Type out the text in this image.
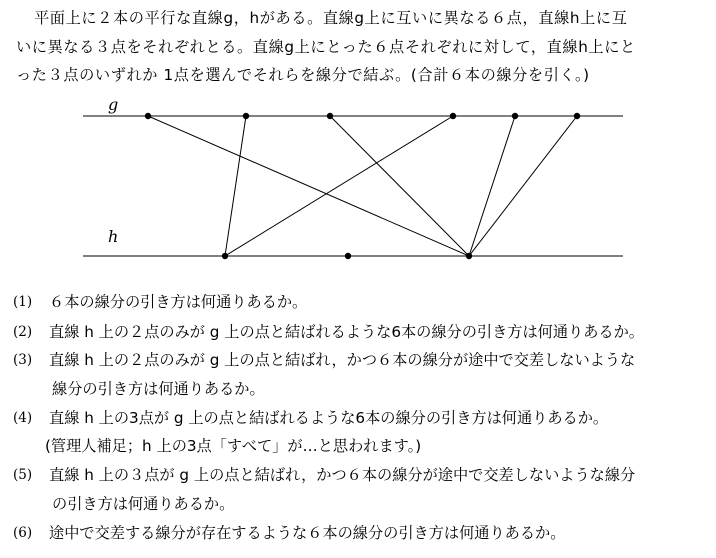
平面上に２本の平行な直線g，hがある。直線g上に互いに異なる６点，直線h上に互
いに異なる３点をそれぞれとる。直線g上にとった６点それぞれに対して，直線h上にと
った３点のいずれか 1点を選んでそれらを線分で結ぶ。(合計６本の線分を引く。)
g
h
(1) ６本の線分の引き方は何通りあるか。
(2) 直線 h 上の２点のみが g 上の点と結ばれるような6本の線分の引き方は何通りあるか。
(3) 直線 h 上の２点のみが g 上の点と結ばれ，かつ６本の線分が途中で交差しないような
線分の引き方は何通りあるか。
(4) 直線 h 上の3点が g 上の点と結ばれるような6本の線分の引き方は何通りあるか。
(管理人補足；h 上の3点「すべて」が…と思われます。)
(5) 直線 h 上の３点が g 上の点と結ばれ，かつ６本の線分が途中で交差しないような線分
の引き方は何通りあるか。
(6) 途中で交差する線分が存在するような６本の線分の引き方は何通りあるか。
